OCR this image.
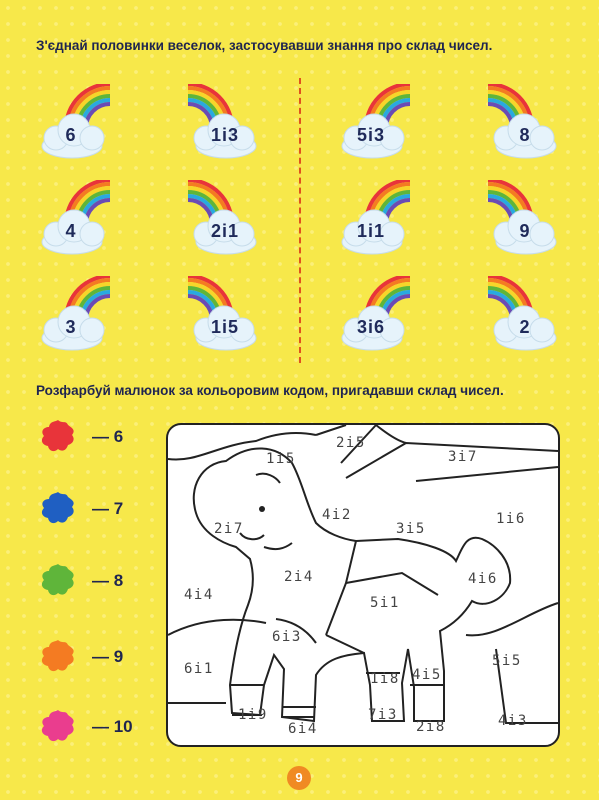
З'єднай половинки веселок, застосувавши знання про склад чисел.

6
4
3
1і3
2і1
1і5
5і3
1і1
3і6
8
9
2

Розфарбуй малюнок за кольоровим кодом, пригадавши склад чисел.

— 6
— 7
— 8
— 9
— 10
2і5
1і5	3і7
2і7
4і2
3і5
1і6
2і4	4і6
4і4	5і1
6і3
6і1	5і5
1і8 4і5
1і9
6і4
7і3
2і8	4і3
9
